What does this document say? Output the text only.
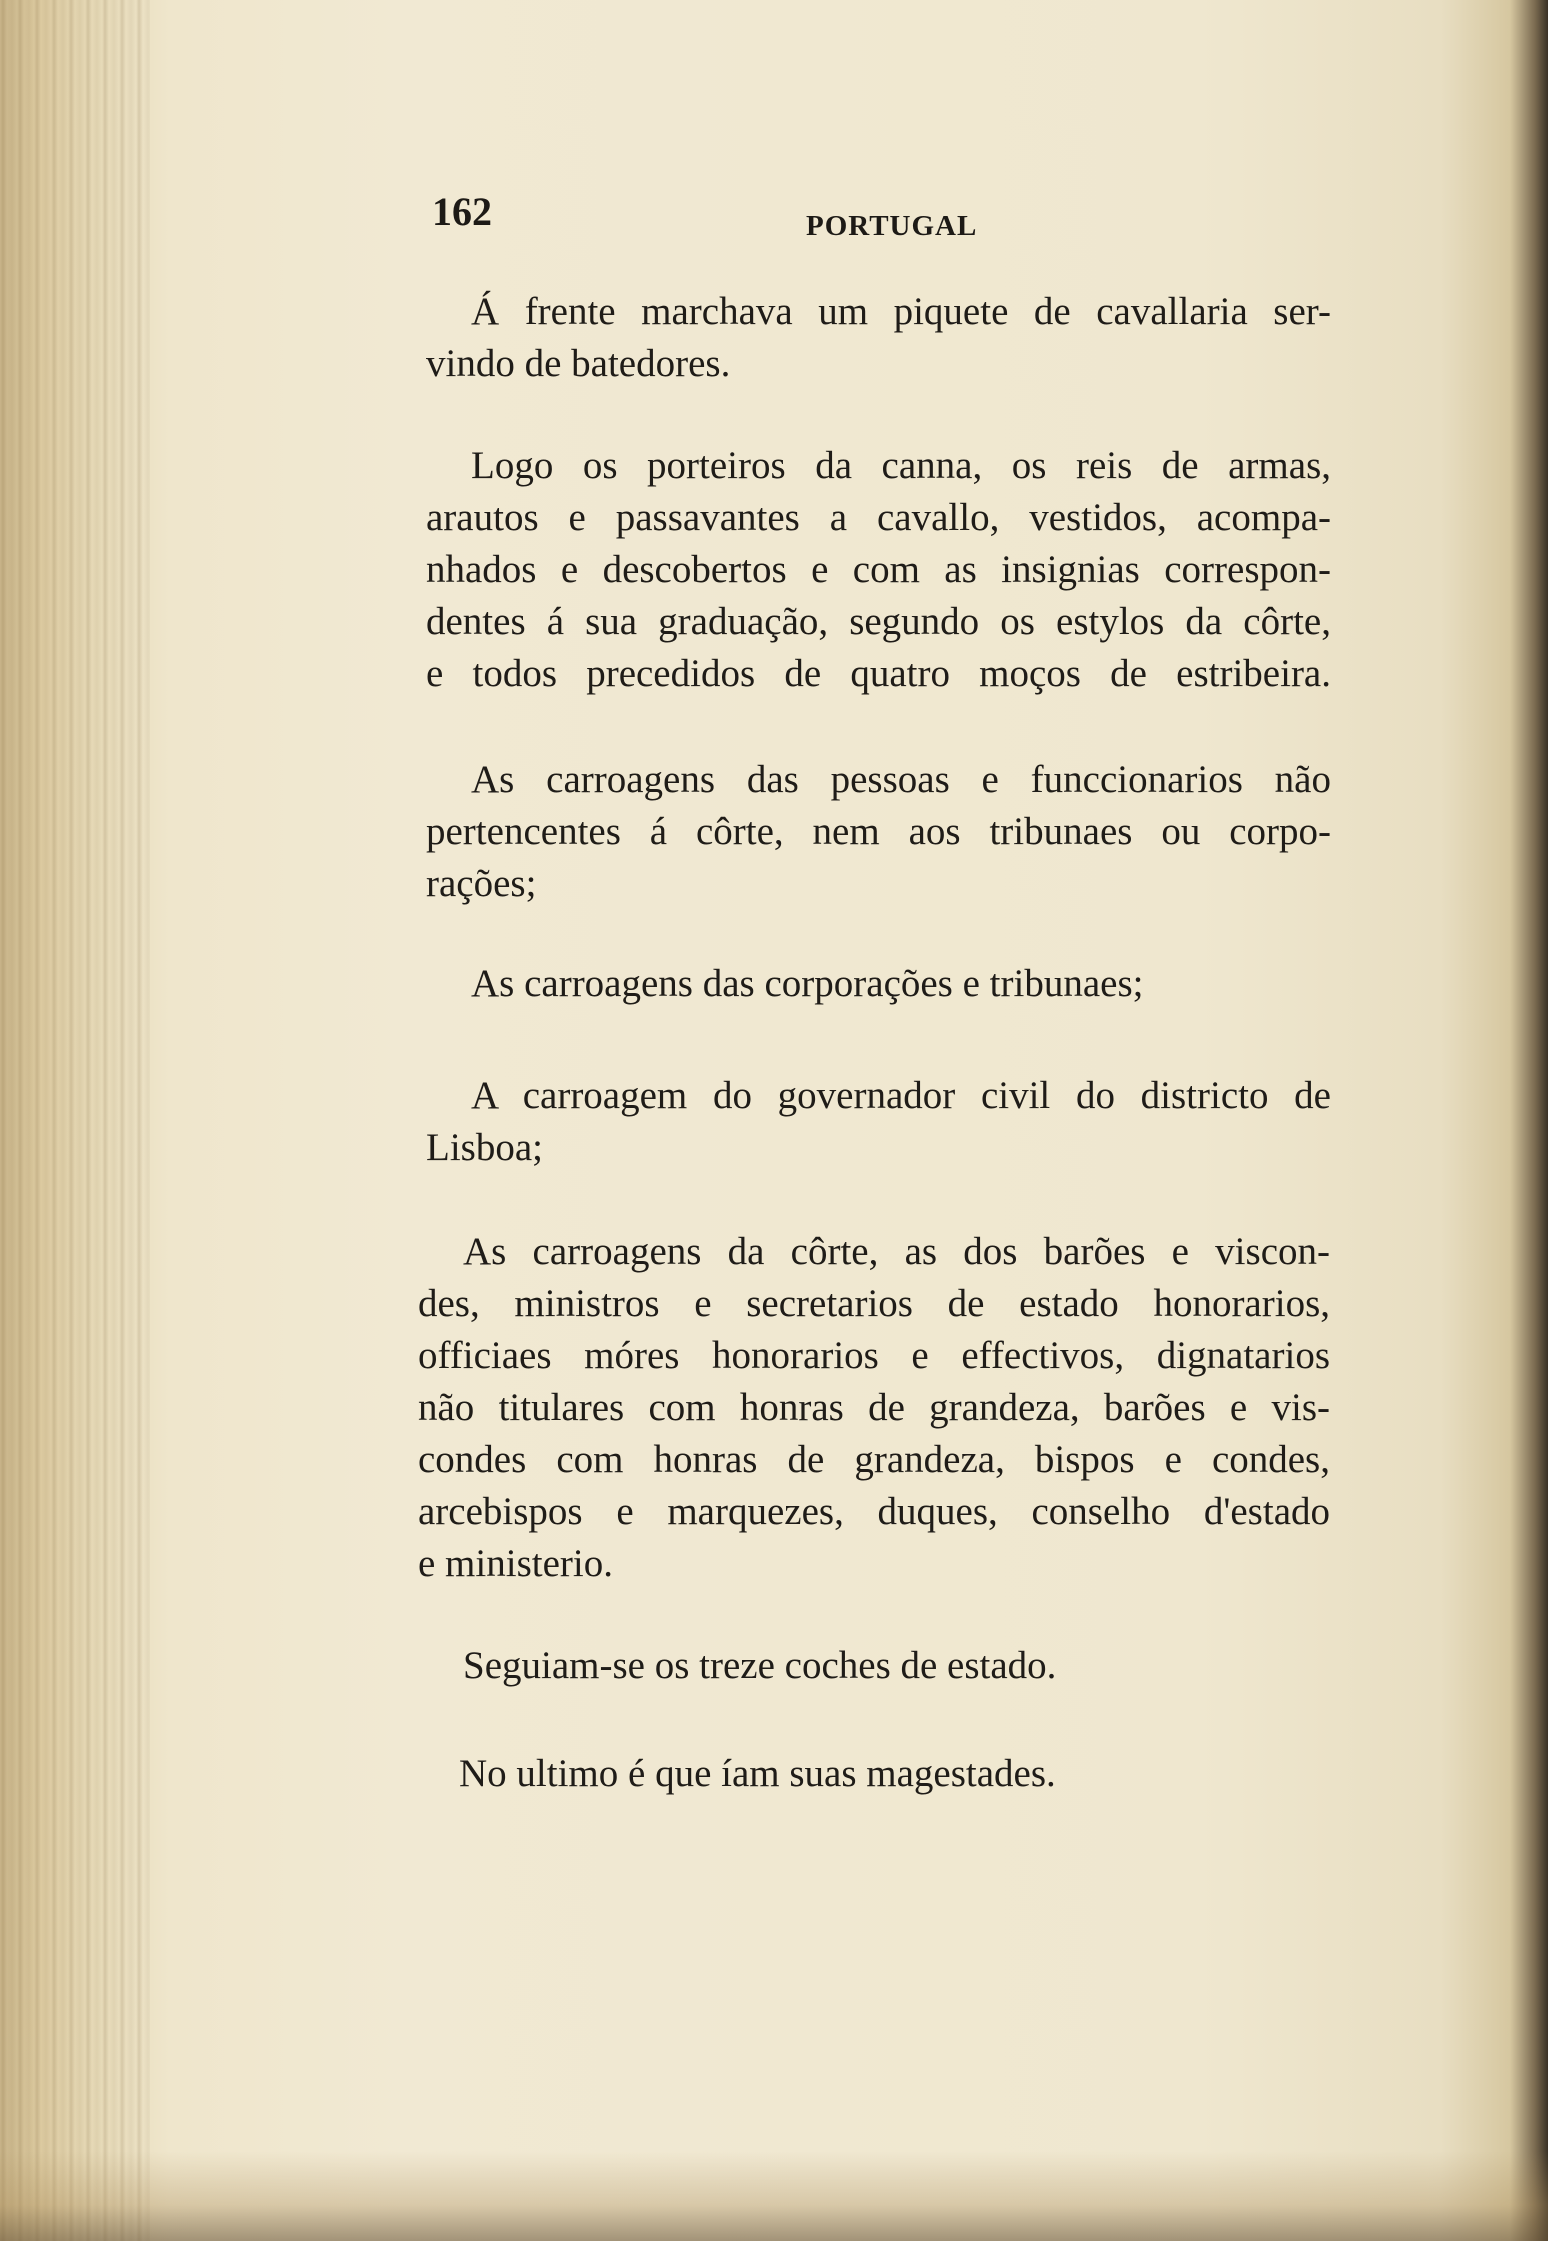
162	PORTUGAL
Á frente marchava um piquete de cavallaria ser-
vindo de batedores.
Logo os porteiros da canna, os reis de armas,
arautos e passavantes a cavallo, vestidos, acompa-
nhados e descobertos e com as insignias correspon-
dentes á sua graduação, segundo os estylos da côrte,
e todos precedidos de quatro moços de estribeira.
As carroagens das pessoas e funccionarios não
pertencentes á côrte, nem aos tribunaes ou corpo-
rações;
As carroagens das corporações e tribunaes;
A carroagem do governador civil do districto de
Lisboa;
As carroagens da côrte, as dos barões e viscon-
des, ministros e secretarios de estado honorarios,
officiaes móres honorarios e effectivos, dignatarios
não titulares com honras de grandeza, barões e vis-
condes com honras de grandeza, bispos e condes,
arcebispos e marquezes, duques, conselho d'estado
e ministerio.
Seguiam-se os treze coches de estado.
No ultimo é que íam suas magestades.
